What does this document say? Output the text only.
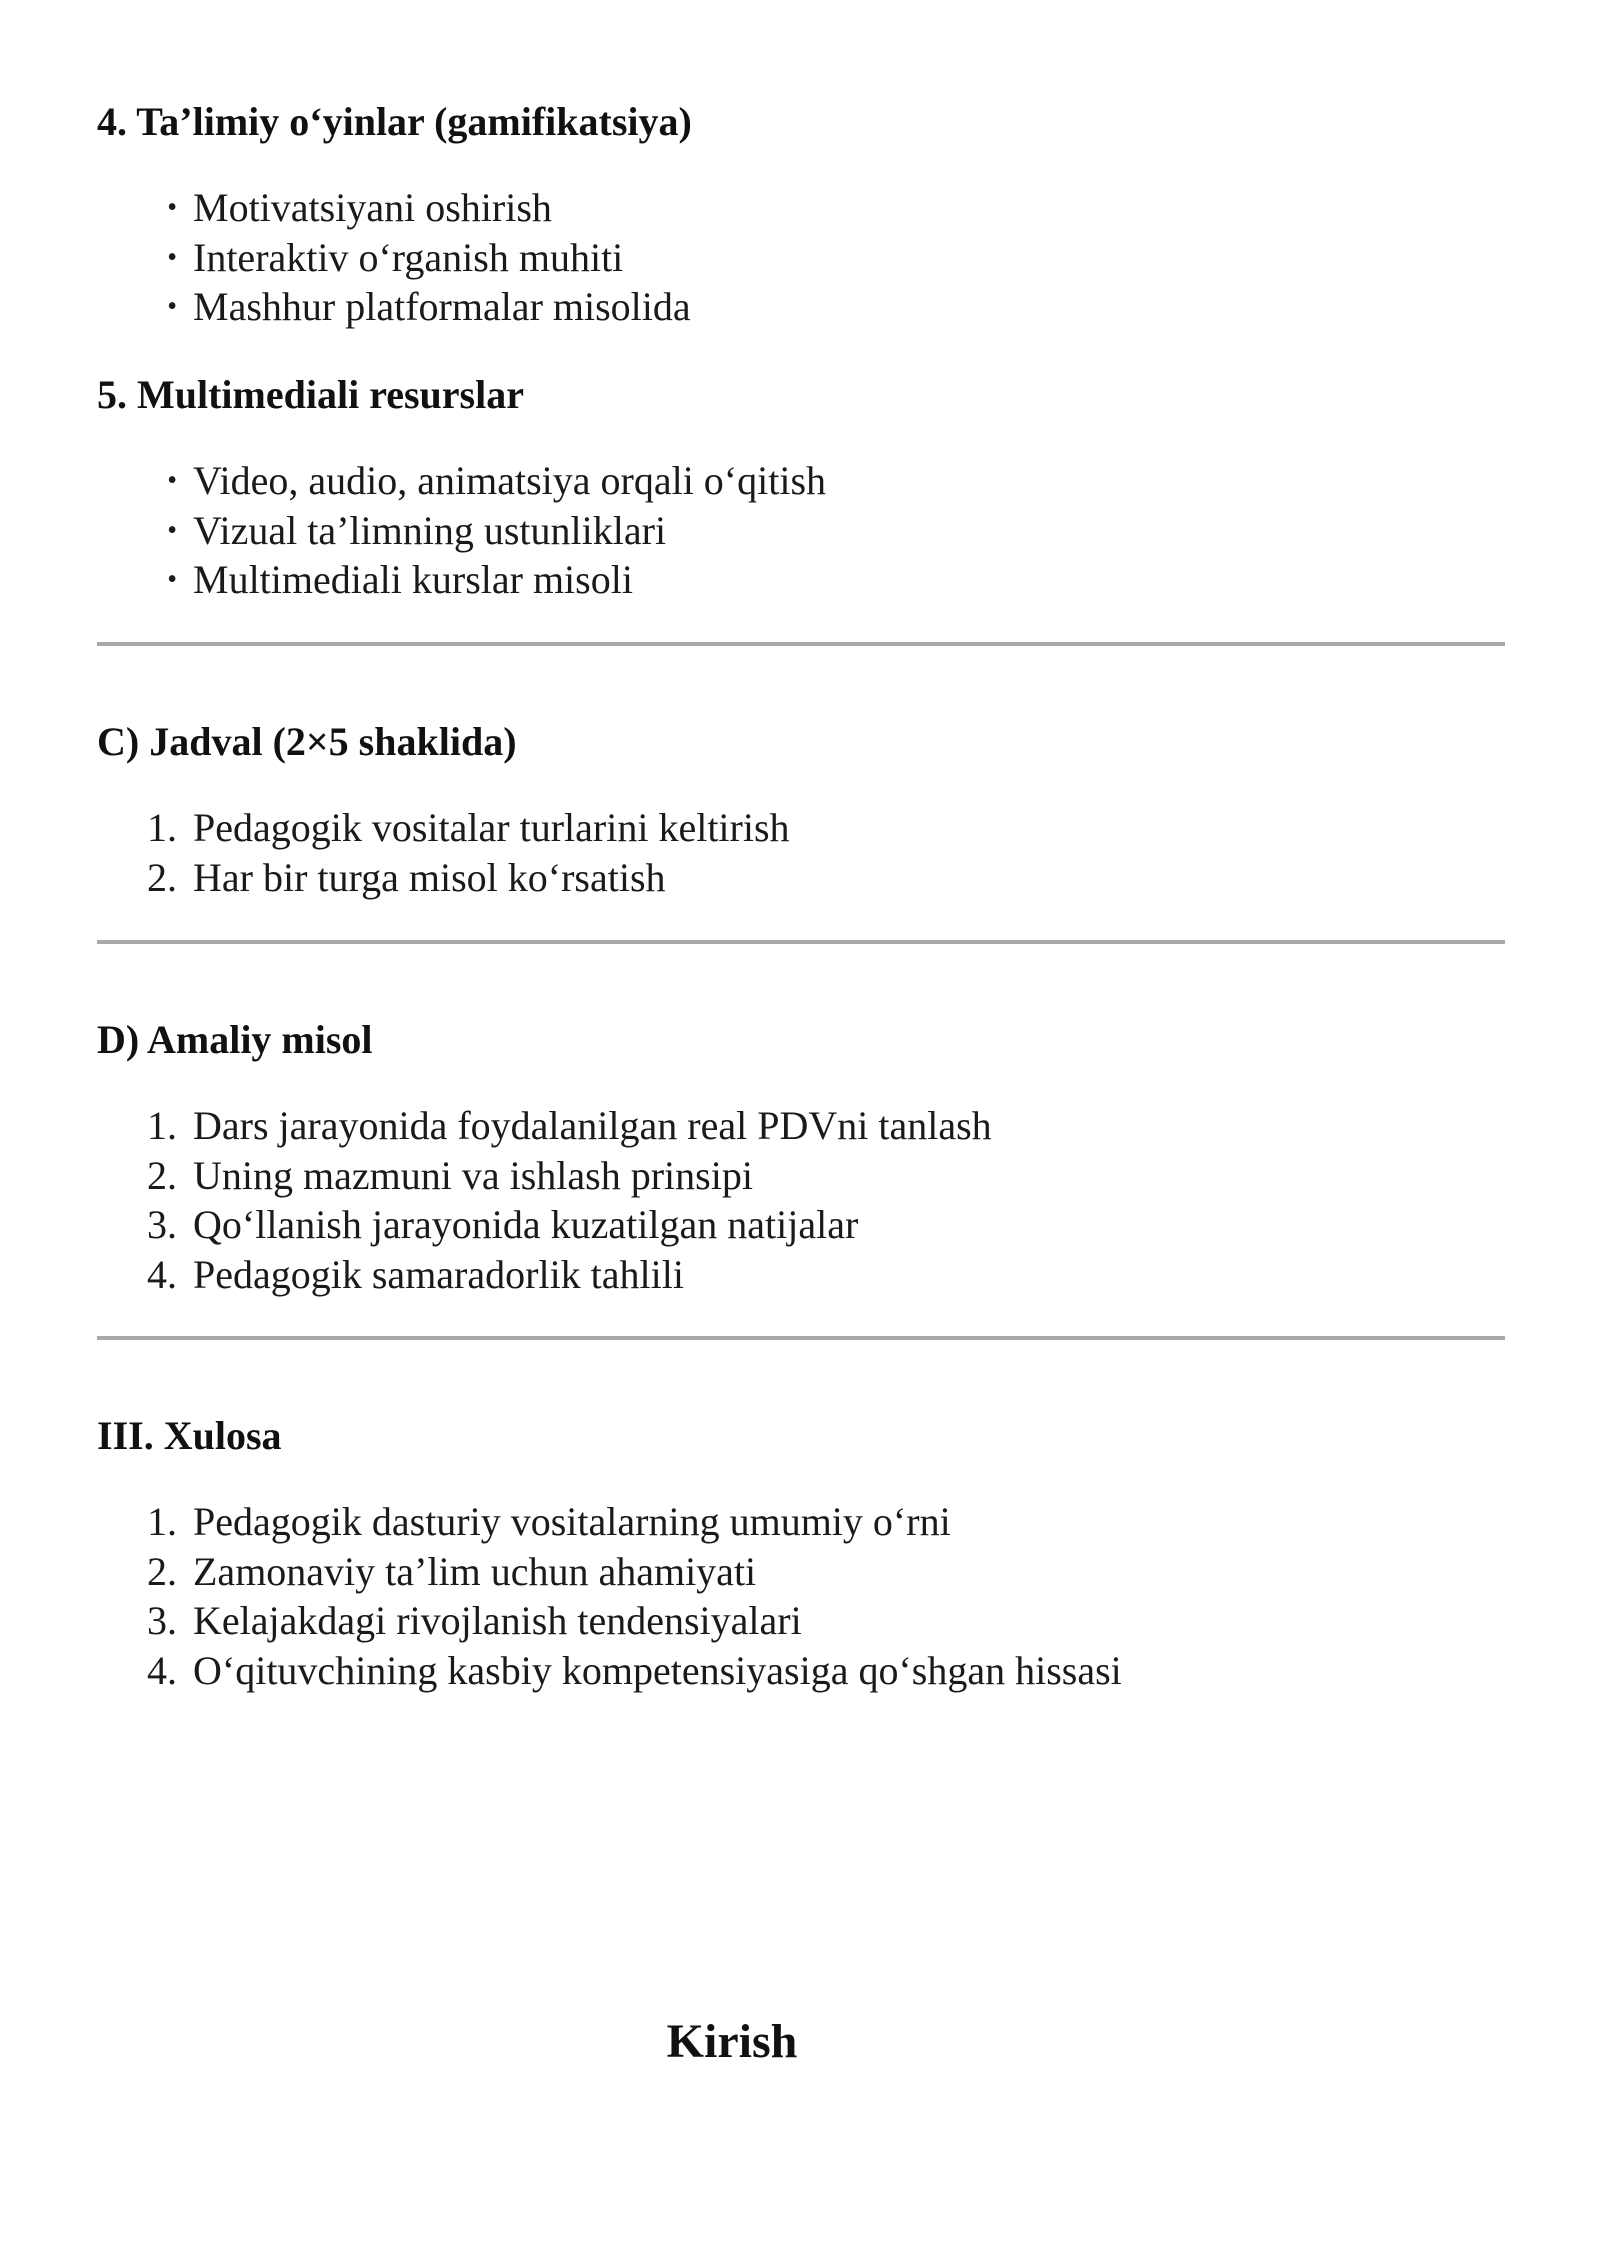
4. Ta’limiy o‘yinlar (gamifikatsiya)
• Motivatsiyani oshirish
• Interaktiv o‘rganish muhiti
• Mashhur platformalar misolida
5. Multimediali resurslar
• Video, audio, animatsiya orqali o‘qitish
• Vizual ta’limning ustunliklari
• Multimediali kurslar misoli
C) Jadval (2×5 shaklida)
1. Pedagogik vositalar turlarini keltirish
2. Har bir turga misol ko‘rsatish
D) Amaliy misol
1. Dars jarayonida foydalanilgan real PDVni tanlash
2. Uning mazmuni va ishlash prinsipi
3. Qo‘llanish jarayonida kuzatilgan natijalar
4. Pedagogik samaradorlik tahlili
III. Xulosa
1. Pedagogik dasturiy vositalarning umumiy o‘rni
2. Zamonaviy ta’lim uchun ahamiyati
3. Kelajakdagi rivojlanish tendensiyalari
4. O‘qituvchining kasbiy kompetensiyasiga qo‘shgan hissasi
Kirish
